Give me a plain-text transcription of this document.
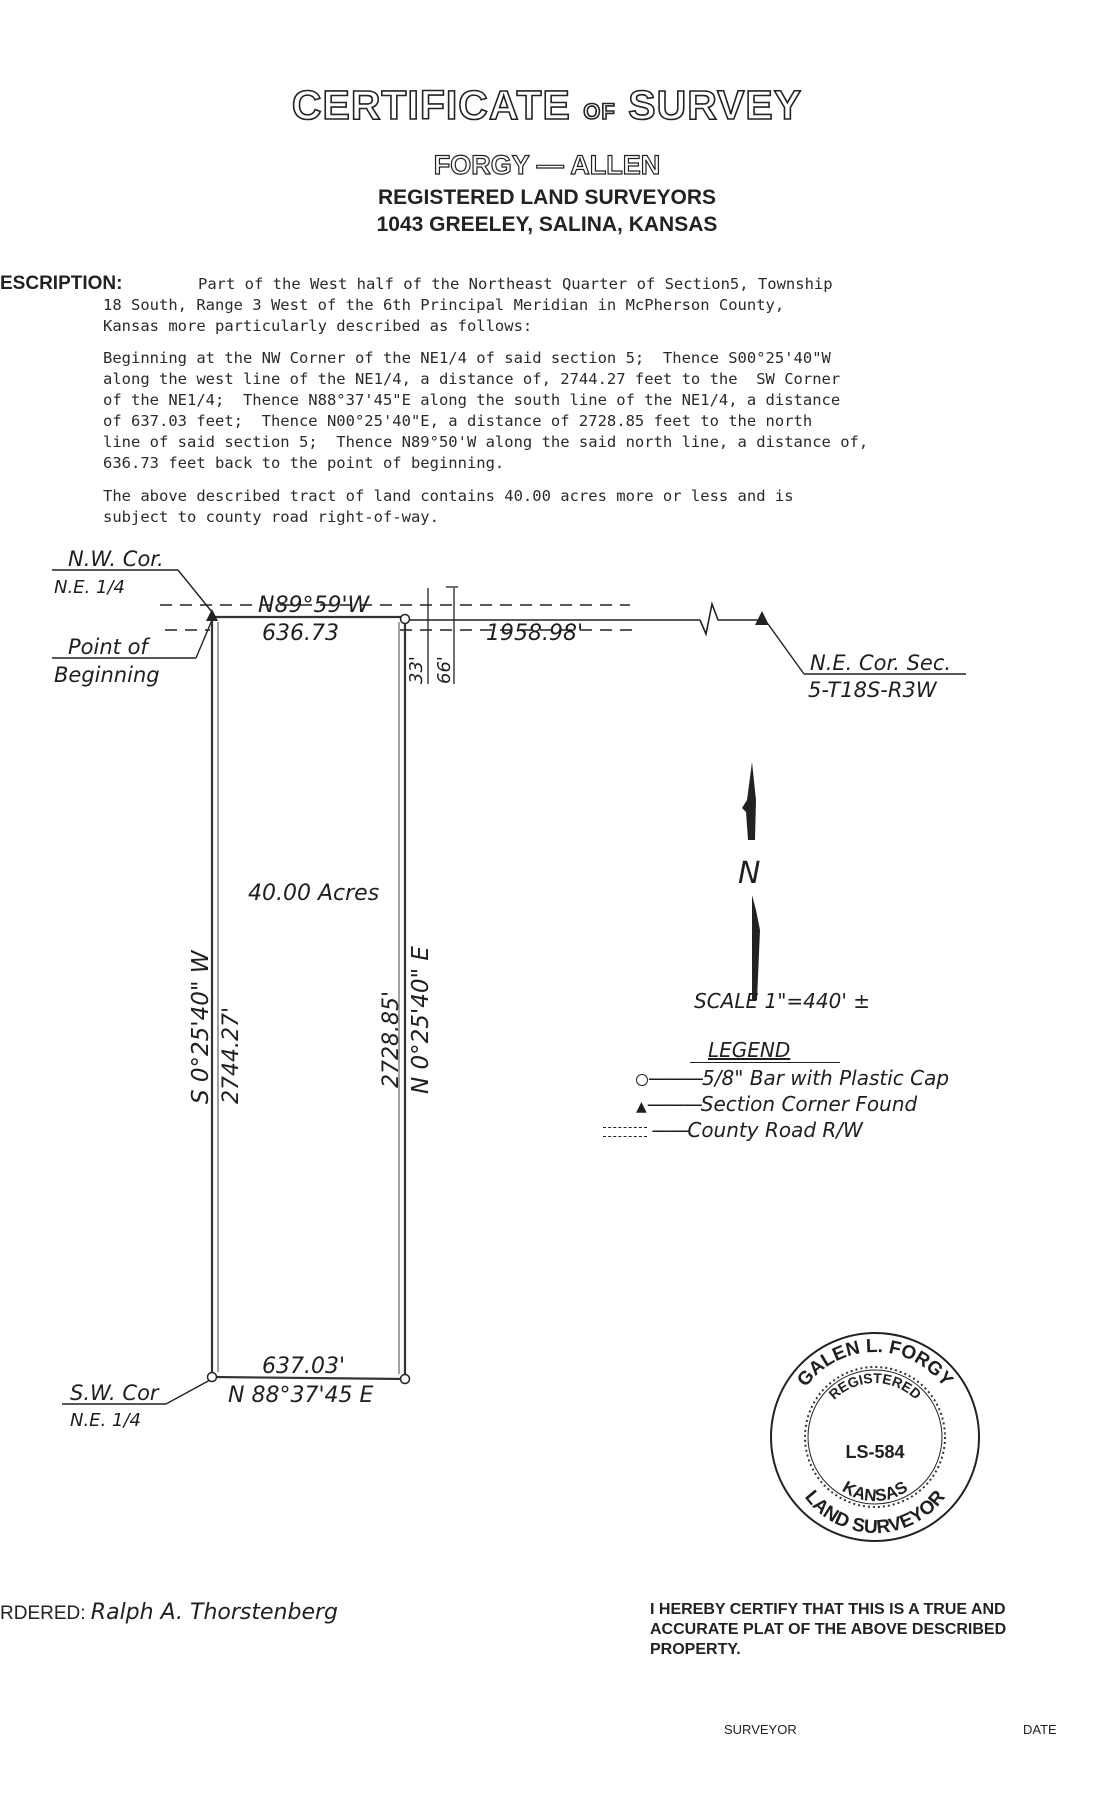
CERTIFICATE OF SURVEY
FORGY — ALLEN
REGISTERED LAND SURVEYORS
1043 GREELEY, SALINA, KANSAS
ESCRIPTION:	Part of the West half of the Northeast Quarter of Section5, Township
18 South, Range 3 West of the 6th Principal Meridian in McPherson County,
Kansas more particularly described as follows:
Beginning at the NW Corner of the NE1/4 of said section 5;  Thence S00°25'40"W
along the west line of the NE1/4, a distance of, 2744.27 feet to the  SW Corner
of the NE1/4;  Thence N88°37'45"E along the south line of the NE1/4, a distance
of 637.03 feet;  Thence N00°25'40"E, a distance of 2728.85 feet to the north
line of said section 5;  Thence N89°50'W along the said north line, a distance of,
636.73 feet back to the point of beginning.
The above described tract of land contains 40.00 acres more or less and is
subject to county road right-of-way.
N.W. Cor.
N.E. 1/4
Point of
Beginning
N89°59'W
636.73	1958.98'
33' 66'	N.E. Cor. Sec.
5-T18S-R3W
40.00 Acres
S 0°25'40" W 2744.27'	2728.85' N 0°25'40" E
637.03'
N 88°37'45 E
S.W. Cor
N.E. 1/4
N
SCALE 1"=440' ±
LEGEND
———5/8" Bar with Plastic Cap
▲———Section Corner Found
——County Road R/W
GALEN L. FORGY
LAND SURVEYOR
REGISTERED
KANSAS
LS-584
RDERED: Ralph A. Thorstenberg	I HEREBY CERTIFY THAT THIS IS A TRUE AND
ACCURATE PLAT OF THE ABOVE DESCRIBED
PROPERTY.
SURVEYOR	DATE
